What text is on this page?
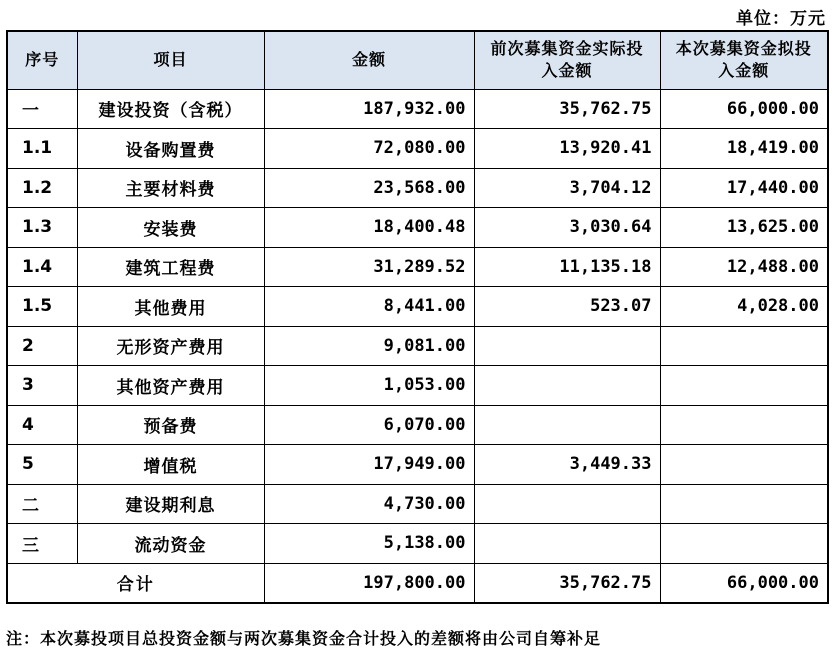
单位：万元
序号	项目	金额	前次募集资金实际投入金额	本次募集资金拟投入金额
一	建设投资（含税）	187,932.00	35,762.75	66,000.00
1.1	设备购置费	72,080.00	13,920.41	18,419.00
1.2	主要材料费	23,568.00	3,704.12	17,440.00
1.3	安装费	18,400.48	3,030.64	13,625.00
1.4	建筑工程费	31,289.52	11,135.18	12,488.00
1.5	其他费用	8,441.00	523.07	4,028.00
2	无形资产费用	9,081.00		
3	其他资产费用	1,053.00		
4	预备费	6,070.00		
5	增值税	17,949.00	3,449.33	
二	建设期利息	4,730.00		
三	流动资金	5,138.00		
合计		197,800.00	35,762.75	66,000.00
注：本次募投项目总投资金额与两次募集资金合计投入的差额将由公司自筹补足
